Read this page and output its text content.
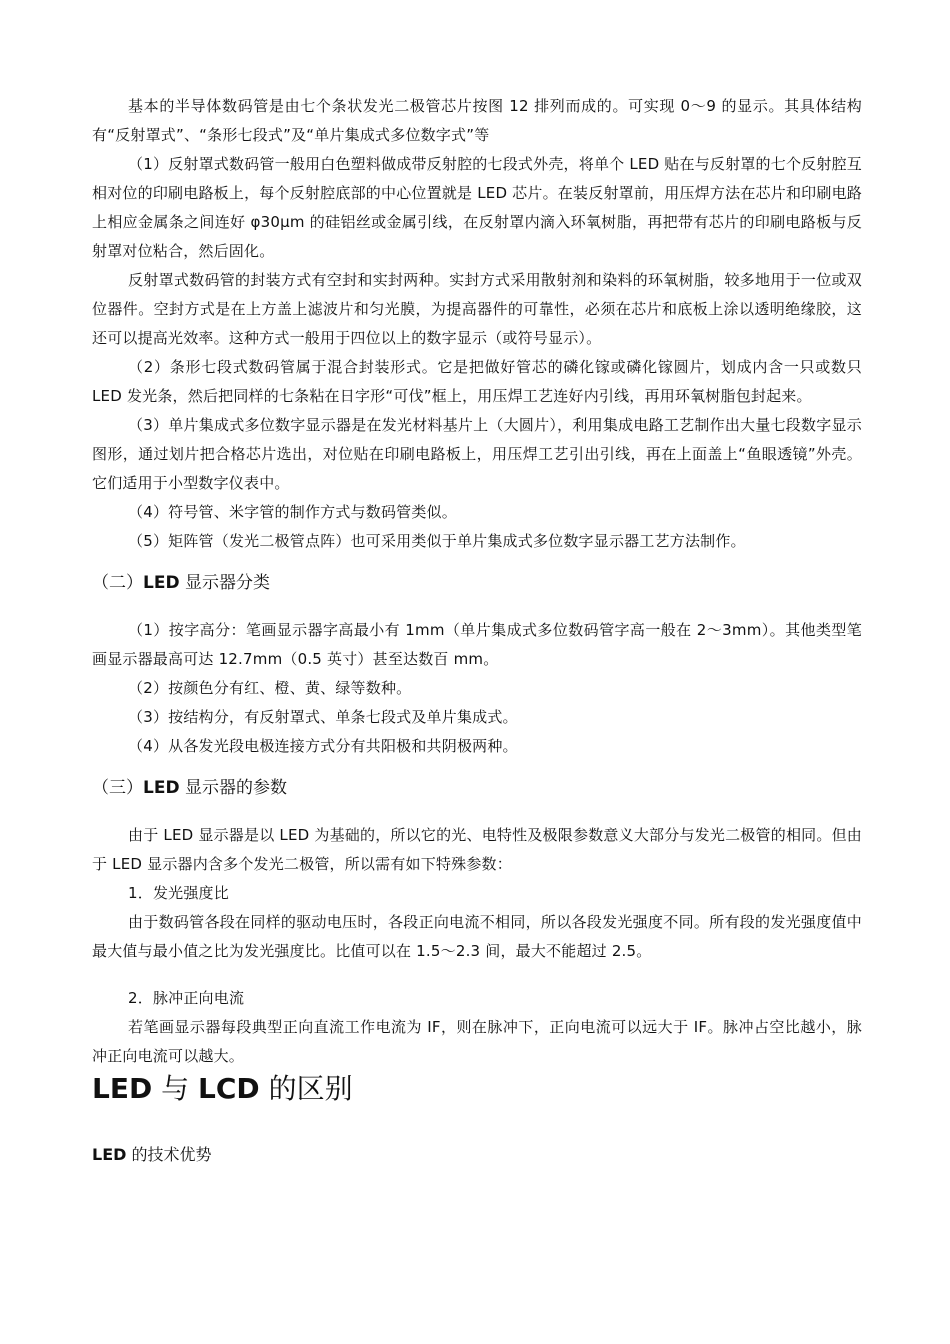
基本的半导体数码管是由七个条状发光二极管芯片按图 12 排列而成的。可实现 0～9 的显示。其具体结构有“反射罩式”、“条形七段式”及“单片集成式多位数字式”等

（1）反射罩式数码管一般用白色塑料做成带反射腔的七段式外壳，将单个 LED 贴在与反射罩的七个反射腔互相对位的印刷电路板上，每个反射腔底部的中心位置就是 LED 芯片。在装反射罩前，用压焊方法在芯片和印刷电路上相应金属条之间连好 φ30μm 的硅铝丝或金属引线，在反射罩内滴入环氧树脂，再把带有芯片的印刷电路板与反射罩对位粘合，然后固化。

反射罩式数码管的封装方式有空封和实封两种。实封方式采用散射剂和染料的环氧树脂，较多地用于一位或双位器件。空封方式是在上方盖上滤波片和匀光膜，为提高器件的可靠性，必须在芯片和底板上涂以透明绝缘胶，这还可以提高光效率。这种方式一般用于四位以上的数字显示（或符号显示）。

（2）条形七段式数码管属于混合封装形式。它是把做好管芯的磷化镓或磷化镓圆片，划成内含一只或数只 LED 发光条，然后把同样的七条粘在日字形“可伐”框上，用压焊工艺连好内引线，再用环氧树脂包封起来。

（3）单片集成式多位数字显示器是在发光材料基片上（大圆片），利用集成电路工艺制作出大量七段数字显示图形，通过划片把合格芯片选出，对位贴在印刷电路板上，用压焊工艺引出引线，再在上面盖上“鱼眼透镜”外壳。它们适用于小型数字仪表中。

（4）符号管、米字管的制作方式与数码管类似。

（5）矩阵管（发光二极管点阵）也可采用类似于单片集成式多位数字显示器工艺方法制作。

（二）LED 显示器分类

（1）按字高分：笔画显示器字高最小有 1mm（单片集成式多位数码管字高一般在 2～3mm）。其他类型笔画显示器最高可达 12.7mm（0.5 英寸）甚至达数百 mm。

（2）按颜色分有红、橙、黄、绿等数种。

（3）按结构分，有反射罩式、单条七段式及单片集成式。

（4）从各发光段电极连接方式分有共阳极和共阴极两种。

（三）LED 显示器的参数

由于 LED 显示器是以 LED 为基础的，所以它的光、电特性及极限参数意义大部分与发光二极管的相同。但由于 LED 显示器内含多个发光二极管，所以需有如下特殊参数：

1．发光强度比

由于数码管各段在同样的驱动电压时，各段正向电流不相同，所以各段发光强度不同。所有段的发光强度值中最大值与最小值之比为发光强度比。比值可以在 1.5～2.3 间，最大不能超过 2.5。

2．脉冲正向电流

若笔画显示器每段典型正向直流工作电流为 IF，则在脉冲下，正向电流可以远大于 IF。脉冲占空比越小，脉冲正向电流可以越大。

LED 与 LCD 的区别
LED 的技术优势
